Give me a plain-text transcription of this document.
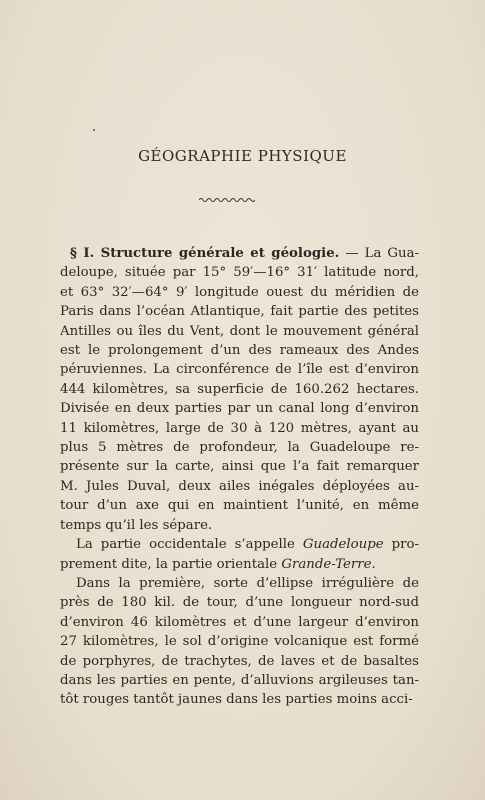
GÉOGRAPHIE PHYSIQUE
§ I. Structure générale et géologie. — La Gua-
deloupe, située par 15° 59′—16° 31′ latitude nord,
et 63° 32′—64° 9′ longitude ouest du méridien de
Paris dans l’océan Atlantique, fait partie des petites
Antilles ou îles du Vent, dont le mouvement général
est le prolongement d’un des rameaux des Andes
péruviennes. La circonférence de l’île est d’environ
444 kilomètres, sa superficie de 160.262 hectares.
Divisée en deux parties par un canal long d’environ
11 kilomètres, large de 30 à 120 mètres, ayant au
plus 5 mètres de profondeur, la Guadeloupe re-
présente sur la carte, ainsi que l’a fait remarquer
M. Jules Duval, deux ailes inégales déployées au-
tour d’un axe qui en maintient l’unité, en même
temps qu’il les sépare.
La partie occidentale s’appelle Guadeloupe pro-
prement dite, la partie orientale Grande-Terre.
Dans la première, sorte d’ellipse irrégulière de
près de 180 kil. de tour, d’une longueur nord-sud
d’environ 46 kilomètres et d’une largeur d’environ
27 kilomètres, le sol d’origine volcanique est formé
de porphyres, de trachytes, de laves et de basaltes
dans les parties en pente, d’alluvions argileuses tan-
tôt rouges tantôt jaunes dans les parties moins acci-
